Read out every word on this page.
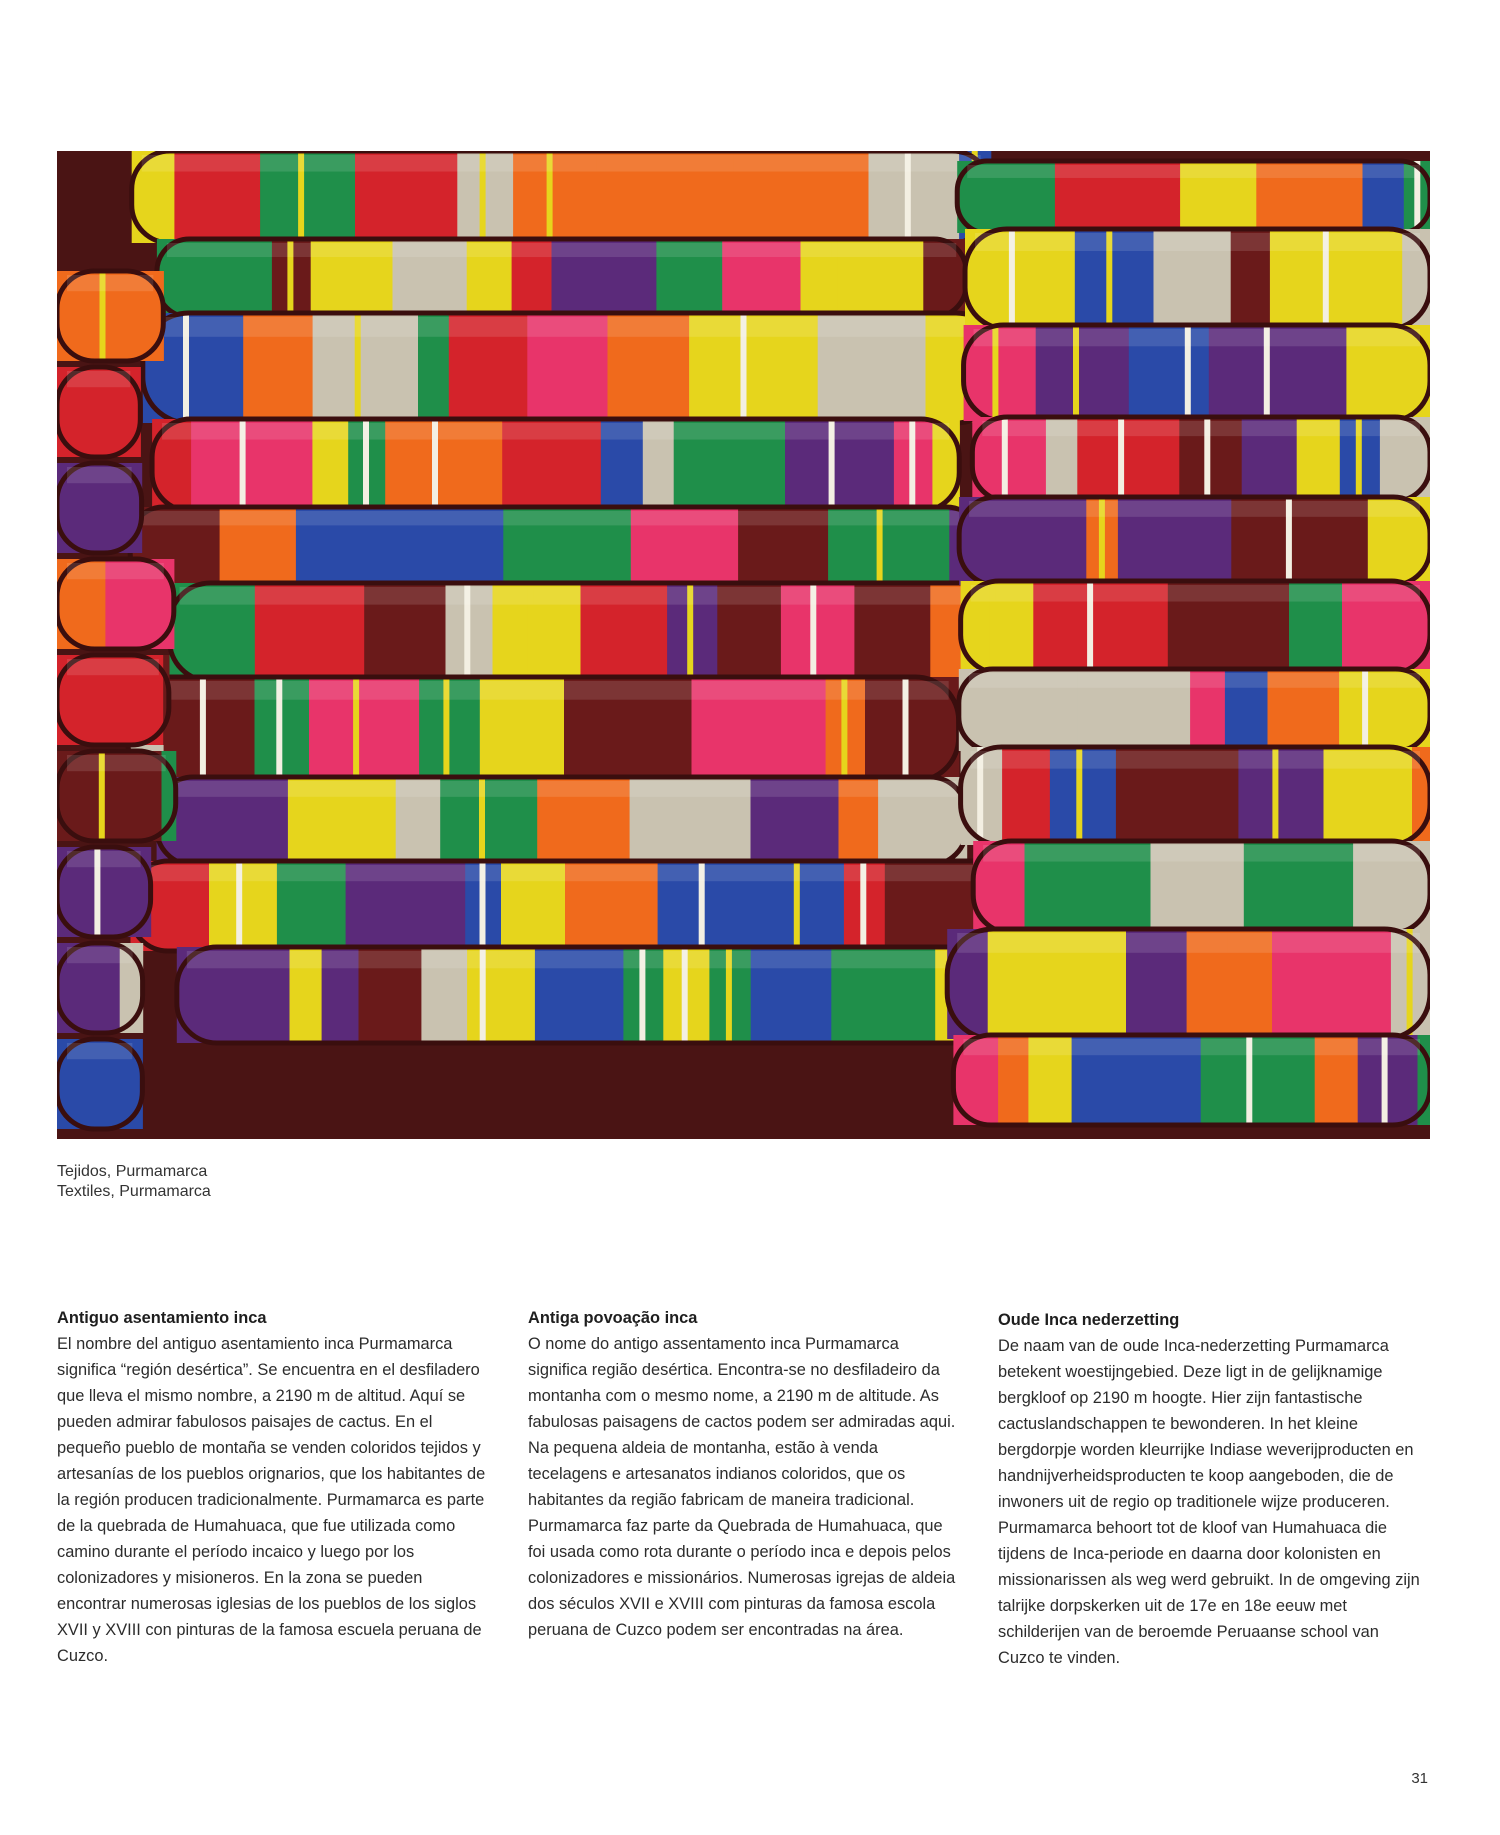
Tejidos, Purmamarca
Textiles, Purmamarca
Antiguo asentamiento inca

El nombre del antiguo asentamiento inca Purmamarca significa “región desértica”. Se encuentra en el desfiladero que lleva el mismo nombre, a 2190 m de altitud. Aquí se pueden admirar fabulosos paisajes de cactus. En el pequeño pueblo de montaña se venden coloridos tejidos y artesanías de los pueblos orignarios, que los habitantes de la región producen tradicionalmente. Purmamarca es parte de la quebrada de Humahuaca, que fue utilizada como camino durante el período incaico y luego por los colonizadores y misioneros. En la zona se pueden encontrar numerosas iglesias de los pueblos de los siglos XVII y XVIII con pinturas de la famosa escuela peruana de Cuzco.

Antiga povoação inca

O nome do antigo assentamento inca Purmamarca significa região desértica. Encontra-se no desfiladeiro da montanha com o mesmo nome, a 2190 m de altitude. As fabulosas paisagens de cactos podem ser admiradas aqui. Na pequena aldeia de montanha, estão à venda tecelagens e artesanatos indianos coloridos, que os habitantes da região fabricam de maneira tradicional. Purmamarca faz parte da Quebrada de Humahuaca, que foi usada como rota durante o período inca e depois pelos colonizadores e missionários. Numerosas igrejas de aldeia dos séculos XVII e XVIII com pinturas da famosa escola peruana de Cuzco podem ser encontradas na área.

Oude Inca nederzetting

De naam van de oude Inca-nederzetting Purmamarca betekent woestijngebied. Deze ligt in de gelijknamige bergkloof op 2190 m hoogte. Hier zijn fantastische cactuslandschappen te bewonderen. In het kleine bergdorpje worden kleurrijke Indiase weverijproducten en handnijverheidsproducten te koop aangeboden, die de inwoners uit de regio op traditionele wijze produceren. Purmamarca behoort tot de kloof van Humahuaca die tijdens de Inca-periode en daarna door kolonisten en missionarissen als weg werd gebruikt. In de omgeving zijn talrijke dorpskerken uit de 17e en 18e eeuw met schilderijen van de beroemde Peruaanse school van Cuzco te vinden.

31
